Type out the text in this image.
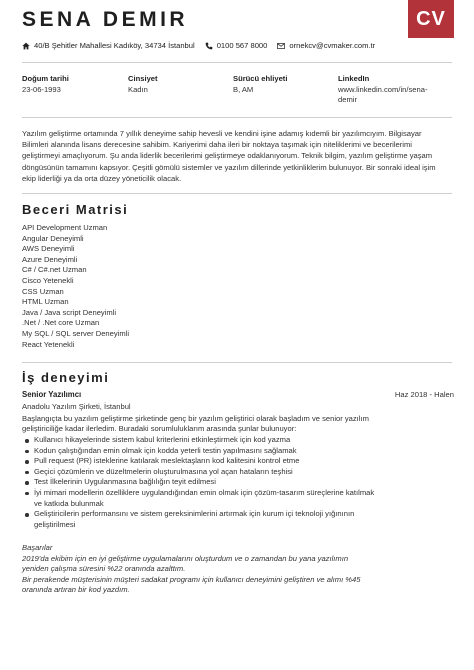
SENA DEMIR	CV
40/B Şehitler Mahallesi Kadıköy, 34734 İstanbul	0100 567 8000	ornekcv@cvmaker.com.tr
Doğum tarihi
23-06-1993
Cinsiyet
Kadın
Sürücü ehliyeti
B, AM
LinkedIn
www.linkedin.com/in/sena-
demir
Yazılım geliştirme ortamında 7 yıllık deneyime sahip hevesli ve kendini işine adamış kıdemli bir yazılımcıyım. Bilgisayar
Bilimleri alanında lisans derecesine sahibim. Kariyerimi daha ileri bir noktaya taşımak için niteliklerimi ve becerilerimi
geliştirmeyi amaçlıyorum. Şu anda liderlik becerilerimi geliştirmeye odaklanıyorum. Teknik bilgim, yazılım geliştirme yaşam
döngüsünün tamamını kapsıyor. Çeşitli gömülü sistemler ve yazılım dillerinde yetkinliklerim bulunuyor. Bir sonraki ideal işim
ekip liderliği ya da orta düzey yöneticilik olacak.
Beceri Matrisi
API Development Uzman
Angular Deneyimli
AWS Deneyimli
Azure Deneyimli
C# / C#.net Uzman
Cisco Yetenekli
CSS Uzman
HTML Uzman
Java / Java script Deneyimli
.Net / .Net core Uzman
My SQL / SQL server Deneyimli
React Yetenekli
İş deneyimi
Senior Yazılımcı	Haz 2018 - Halen
Anadolu Yazılım Şirketi, İstanbul
Başlangıçta bu yazılım geliştirme şirketinde genç bir yazılım geliştirici olarak başladım ve senior yazılım
geliştiriciliğe kadar ilerledim. Buradaki sorumluluklarım arasında şunlar bulunuyor:
Kullanıcı hikayelerinde sistem kabul kriterlerini etkinleştirmek için kod yazma
Kodun çalıştığından emin olmak için kodda yeterli testin yapılmasını sağlamak
Pull request (PR) isteklerine katılarak meslektaşların kod kalitesini kontrol etme
Geçici çözümlerin ve düzeltmelerin oluşturulmasına yol açan hataların teşhisi
Test İlkelerinin Uygulanmasına bağlılığın teyit edilmesi
İyi mimari modellerin özelliklere uygulandığından emin olmak için çözüm-tasarım süreçlerine katılmak
ve katkıda bulunmak
Geliştiricilerin performansını ve sistem gereksinimlerini artırmak için kurum içi teknoloji yığınının
geliştirilmesi
Başarılar
2019'da ekibim için en iyi geliştirme uygulamalarını oluşturdum ve o zamandan bu yana yazılımın
yeniden çalışma süresini %22 oranında azalttım.
Bir perakende müşterisinin müşteri sadakat programı için kullanıcı deneyimini geliştiren ve alımı %45
oranında artıran bir kod yazdım.
